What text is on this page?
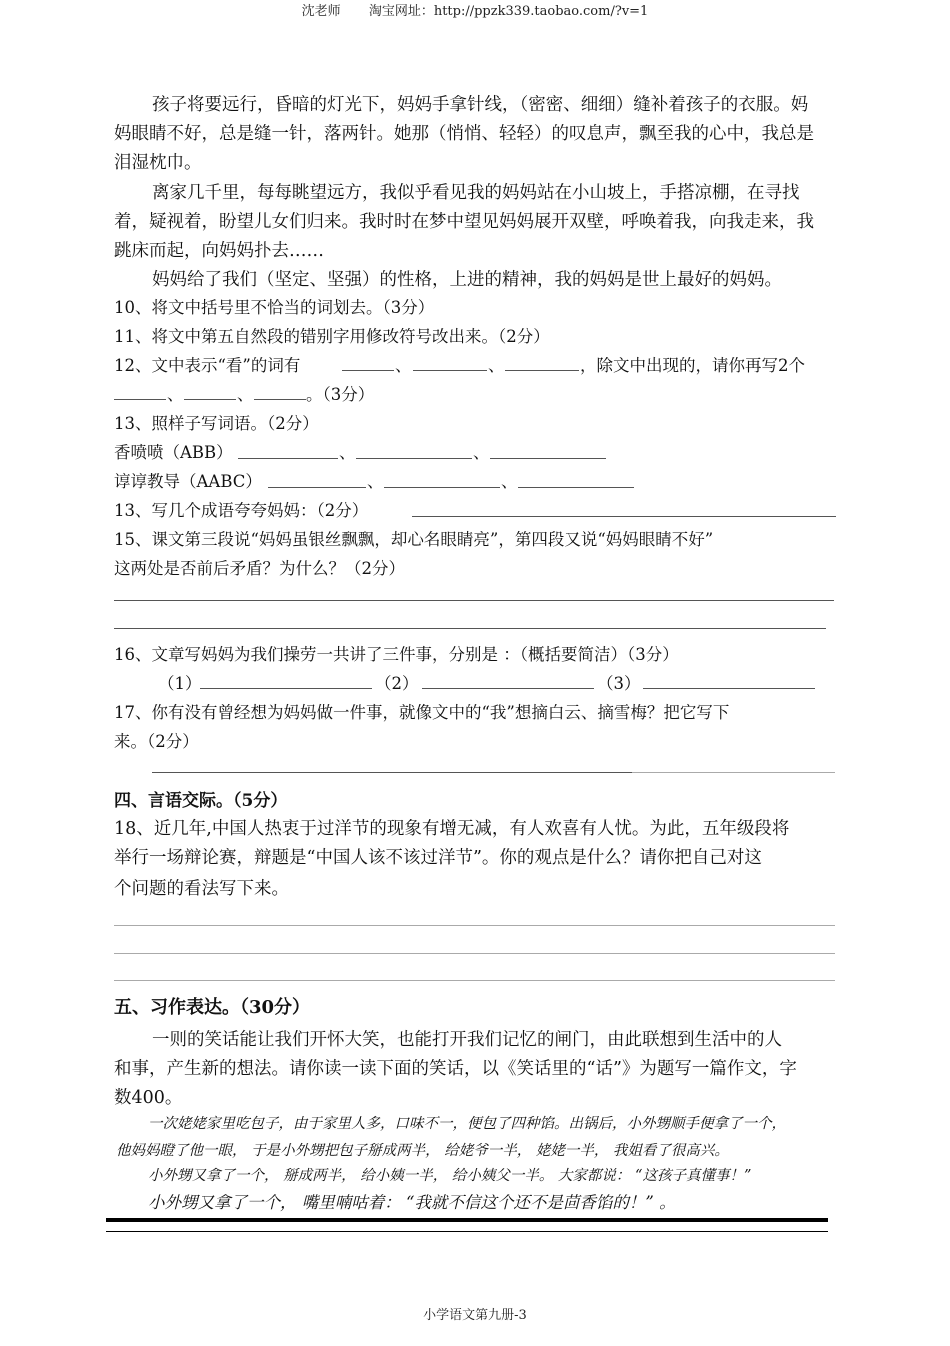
沈老师 淘宝网址：http://ppzk339.taobao.com/?v=1
孩子将要远行，昏暗的灯光下，妈妈手拿针线，（密密、细细）缝补着孩子的衣服。妈
妈眼睛不好，总是缝一针，落两针。她那（悄悄、轻轻）的叹息声，飘至我的心中，我总是
泪湿枕巾。
离家几千里，每每眺望远方，我似乎看见我的妈妈站在小山坡上，手搭凉棚，在寻找
着，疑视着，盼望儿女们归来。我时时在梦中望见妈妈展开双壁，呼唤着我，向我走来，我
跳床而起，向妈妈扑去……
妈妈给了我们（坚定、坚强）的性格，上进的精神，我的妈妈是世上最好的妈妈。
10、将文中括号里不恰当的词划去。（3分）
11、将文中第五自然段的错别字用修改符号改出来。（2分）
12、文中表示“看”的词有	、	、	，除文中出现的，请你再写2个
、	、	。（3分）
13、照样子写词语。（2分）
香喷喷（ABB）	、	、
谆谆教导（AABC）	、	、
13、写几个成语夸夸妈妈：（2分）
15、课文第三段说“妈妈虽银丝飘飘，却心名眼睛亮”，第四段又说“妈妈眼睛不好”
这两处是否前后矛盾？为什么？（2分）
16、文章写妈妈为我们操劳一共讲了三件事，分别是 ：（概括要简洁）（3分）
（1）	（2）	（3）
17、你有没有曾经想为妈妈做一件事，就像文中的“我”想摘白云、摘雪梅？把它写下
来。（2分）
四、言语交际。（5分）
18、近几年,中国人热衷于过洋节的现象有增无减，有人欢喜有人忧。为此，五年级段将
举行一场辩论赛，辩题是“中国人该不该过洋节”。你的观点是什么？请你把自己对这
个问题的看法写下来。
五、习作表达。（30分）
一则的笑话能让我们开怀大笑，也能打开我们记忆的闸门，由此联想到生活中的人
和事，产生新的想法。请你读一读下面的笑话，以《笑话里的“话”》为题写一篇作文，字
数400。
一次姥姥家里吃包子，由于家里人多，口味不一，便包了四种馅。出锅后，小外甥顺手便拿了一个，
他妈妈瞪了他一眼， 于是小外甥把包子掰成两半， 给姥爷一半， 姥姥一半， 我姐看了很高兴。
小外甥又拿了一个， 掰成两半， 给小姨一半， 给小姨父一半。 大家都说： “这孩子真懂事！”
小外甥又拿了一个， 嘴里喃咕着： “我就不信这个还不是茴香馅的！” 。
小学语文第九册-3
